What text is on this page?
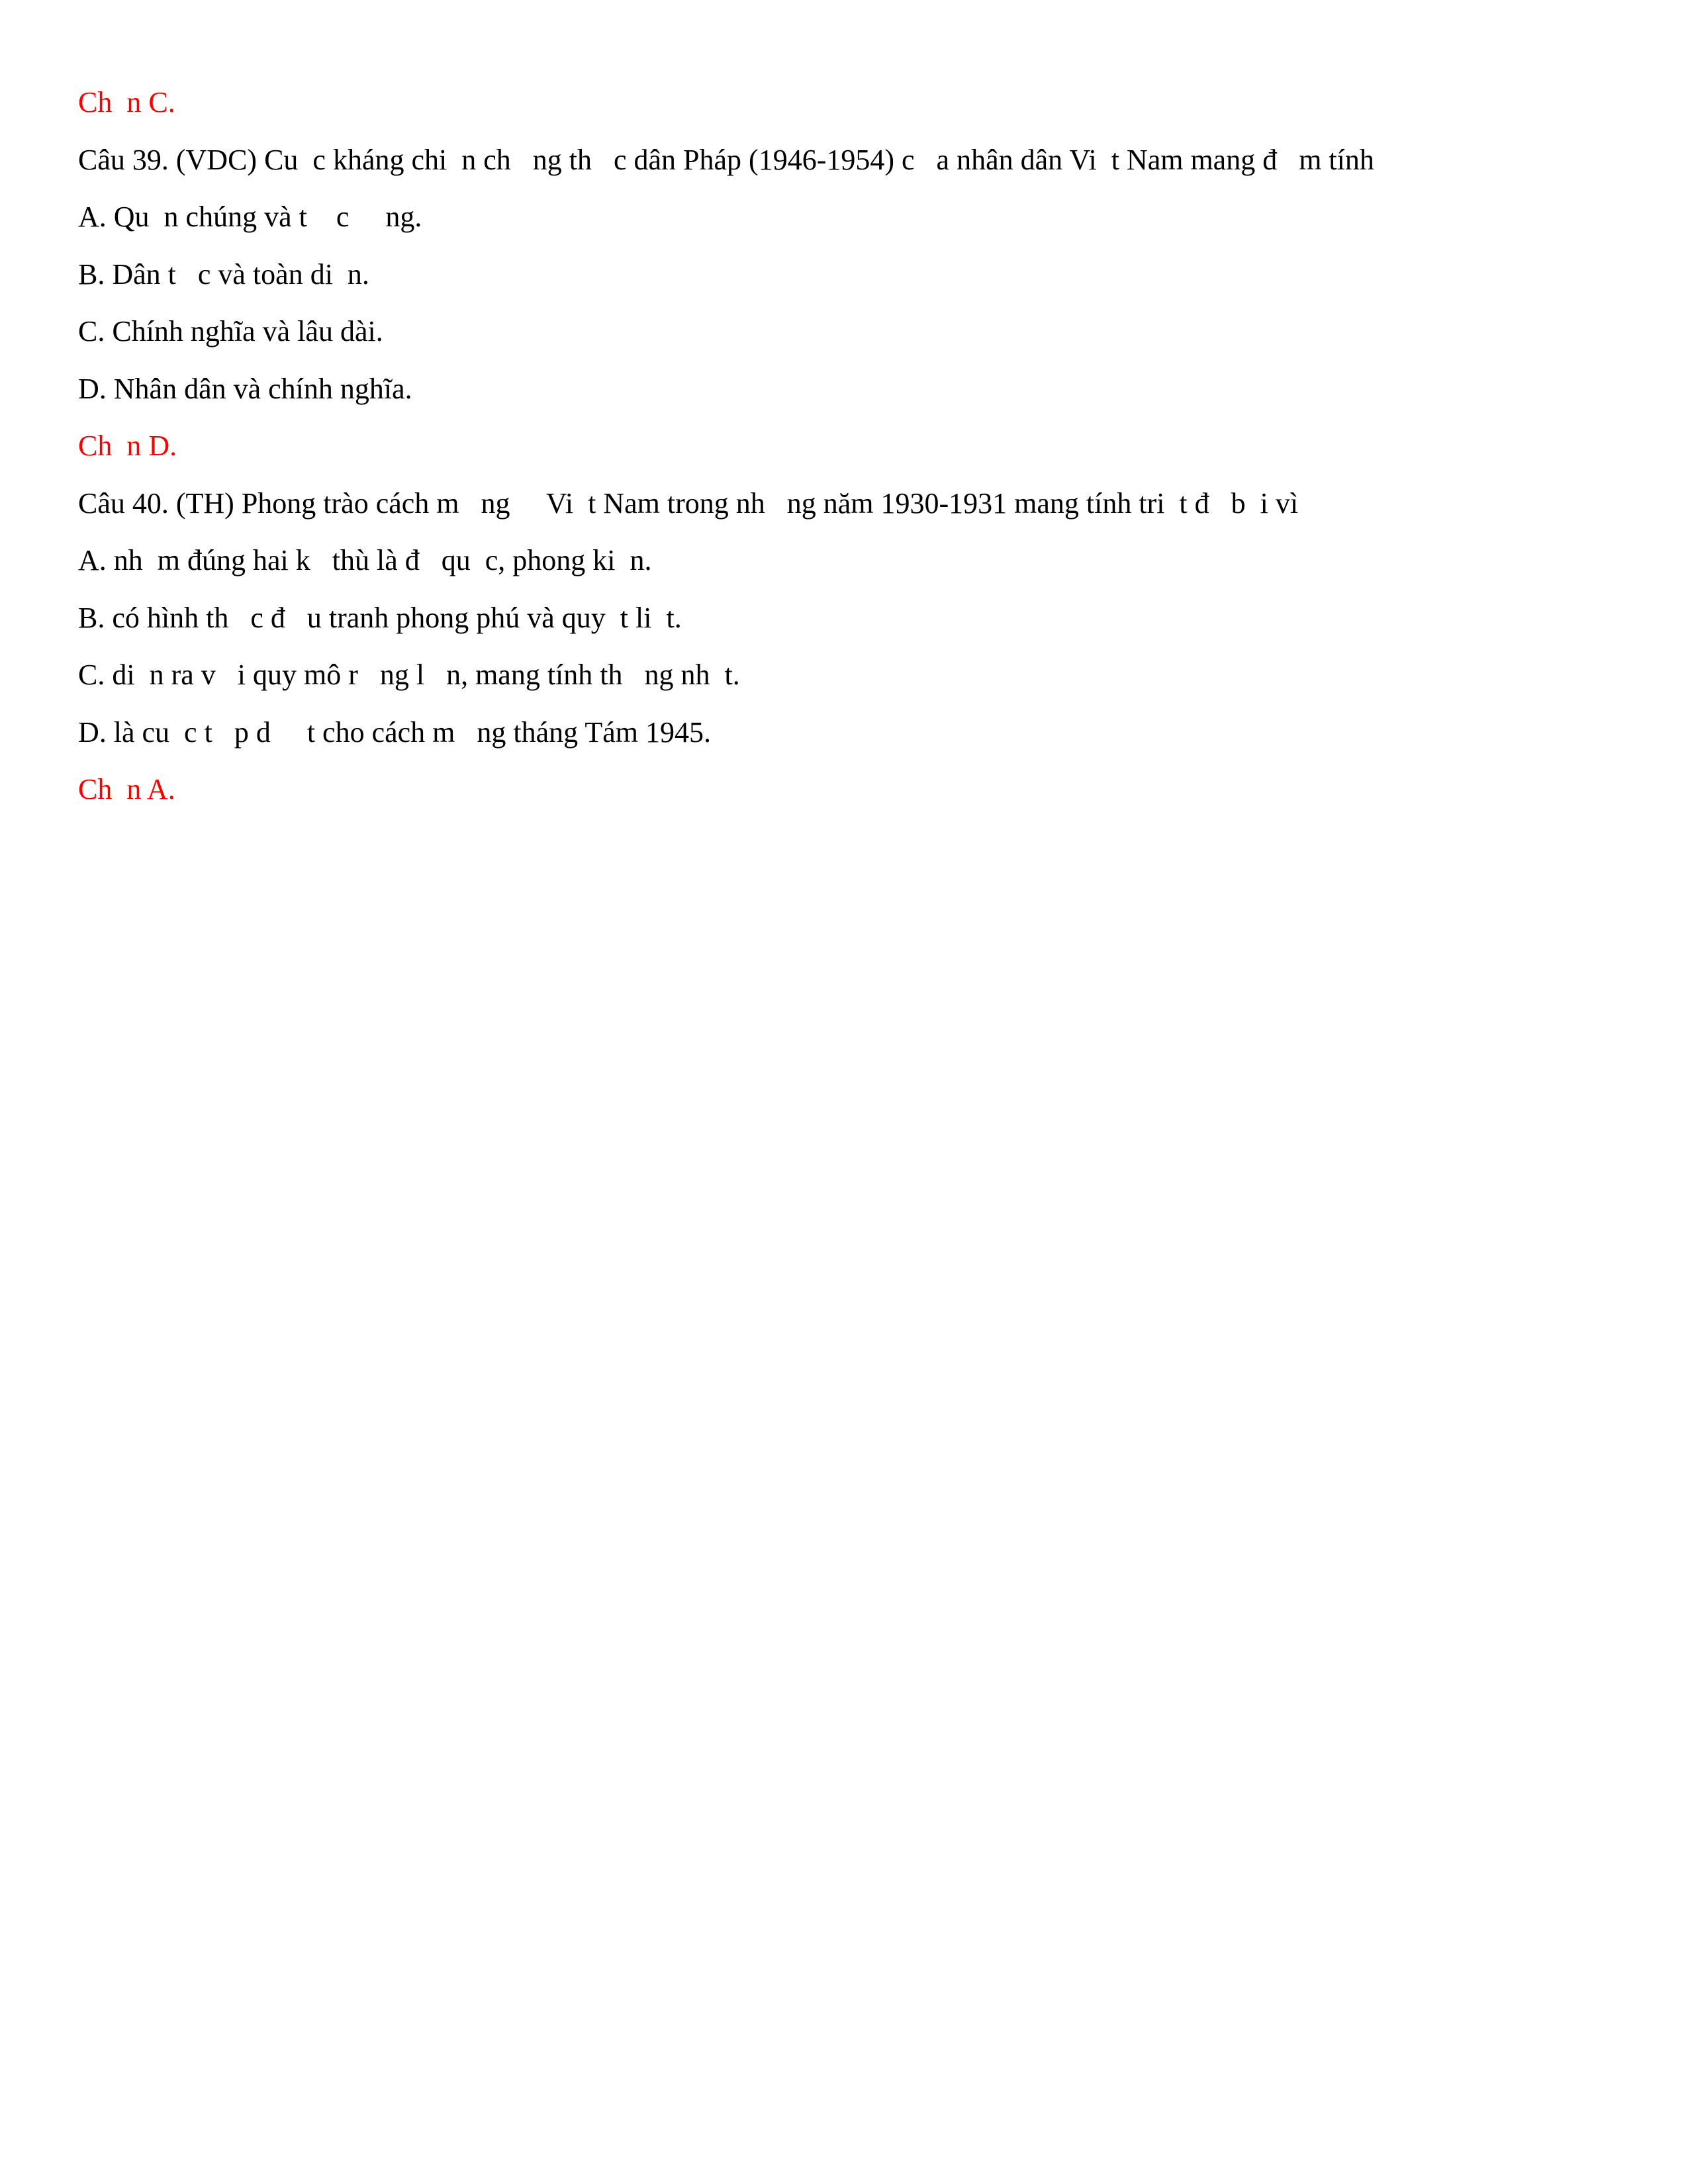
Ch  n C.
Câu 39. (VDC) Cu  c kháng chi  n ch   ng th   c dân Pháp (1946-1954) c   a nhân dân Vi  t Nam mang đ   m tính
A. Qu  n chúng và t    c     ng.
B. Dân t   c và toàn di  n.
C. Chính nghĩa và lâu dài.
D. Nhân dân và chính nghĩa.
Ch  n D.
Câu 40. (TH) Phong trào cách m   ng     Vi  t Nam trong nh   ng năm 1930-1931 mang tính tri  t đ   b  i vì
A. nh  m đúng hai k   thù là đ   qu  c, phong ki  n.
B. có hình th   c đ   u tranh phong phú và quy  t li  t.
C. di  n ra v   i quy mô r   ng l   n, mang tính th   ng nh  t.
D. là cu  c t   p d     t cho cách m   ng tháng Tám 1945.
Ch  n A.
